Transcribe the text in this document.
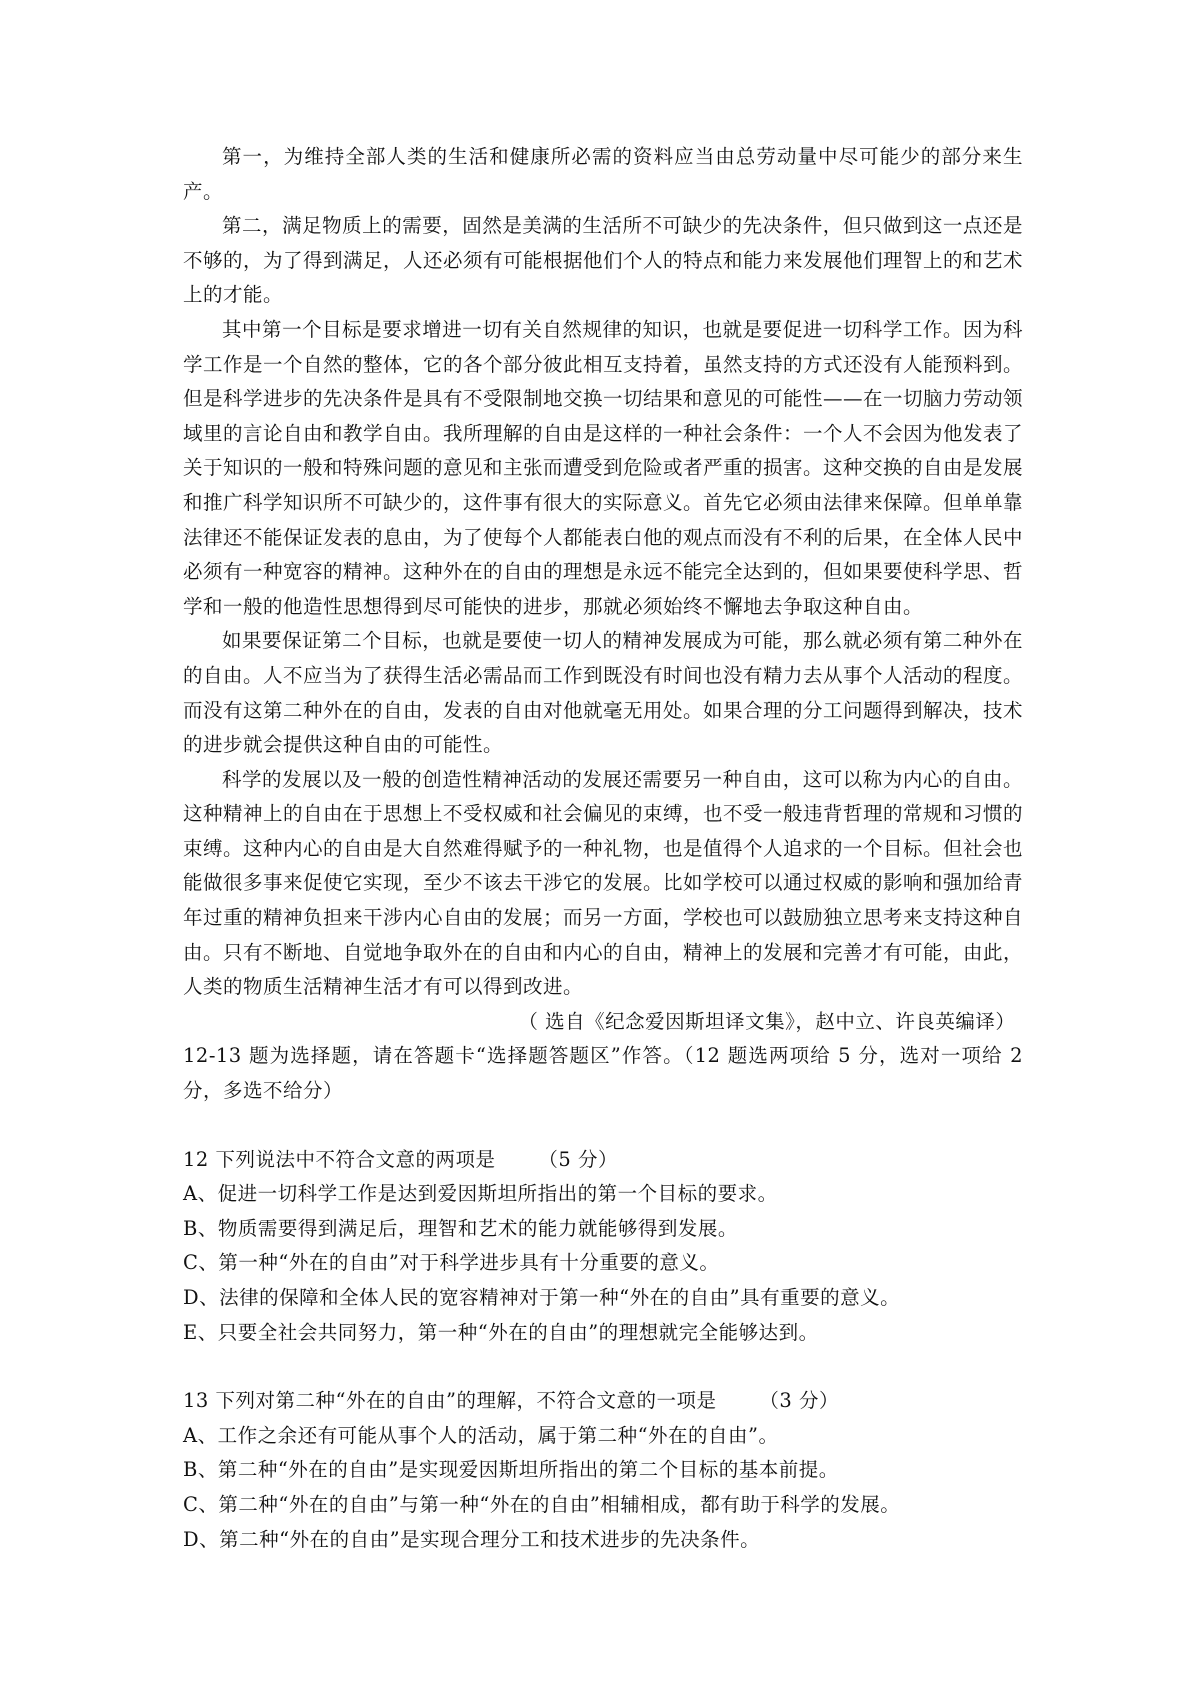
第一，为维持全部人类的生活和健康所必需的资料应当由总劳动量中尽可能少的部分来生产。

第二，满足物质上的需要，固然是美满的生活所不可缺少的先决条件，但只做到这一点还是不够的，为了得到满足，人还必须有可能根据他们个人的特点和能力来发展他们理智上的和艺术上的才能。

其中第一个目标是要求增进一切有关自然规律的知识，也就是要促进一切科学工作。因为科学工作是一个自然的整体，它的各个部分彼此相互支持着，虽然支持的方式还没有人能预料到。但是科学进步的先决条件是具有不受限制地交换一切结果和意见的可能性——在一切脑力劳动领域里的言论自由和教学自由。我所理解的自由是这样的一种社会条件：一个人不会因为他发表了关于知识的一般和特殊问题的意见和主张而遭受到危险或者严重的损害。这种交换的自由是发展和推广科学知识所不可缺少的，这件事有很大的实际意义。首先它必须由法律来保障。但单单靠法律还不能保证发表的息由，为了使每个人都能表白他的观点而没有不利的后果，在全体人民中必须有一种宽容的精神。这种外在的自由的理想是永远不能完全达到的，但如果要使科学思、哲学和一般的他造性思想得到尽可能快的进步，那就必须始终不懈地去争取这种自由。

如果要保证第二个目标，也就是要使一切人的精神发展成为可能，那么就必须有第二种外在的自由。人不应当为了获得生活必需品而工作到既没有时间也没有精力去从事个人活动的程度。而没有这第二种外在的自由，发表的自由对他就毫无用处。如果合理的分工问题得到解决，技术的进步就会提供这种自由的可能性。

科学的发展以及一般的创造性精神活动的发展还需要另一种自由，这可以称为内心的自由。这种精神上的自由在于思想上不受权威和社会偏见的束缚，也不受一般违背哲理的常规和习惯的束缚。这种内心的自由是大自然难得赋予的一种礼物，也是值得个人追求的一个目标。但社会也能做很多事来促使它实现，至少不该去干涉它的发展。比如学校可以通过权威的影响和强加给青年过重的精神负担来干涉内心自由的发展；而另一方面，学校也可以鼓励独立思考来支持这种自由。只有不断地、自觉地争取外在的自由和内心的自由，精神上的发展和完善才有可能，由此，人类的物质生活精神生活才有可以得到改进。

（ 选自《纪念爱因斯坦译文集》，赵中立、许良英编译）

12-13 题为选择题，请在答题卡“选择题答题区”作答。（12 题选两项给 5 分，选对一项给 2 分，多选不给分）

12 下列说法中不符合文意的两项是 （5 分）

A、促进一切科学工作是达到爱因斯坦所指出的第一个目标的要求。

B、物质需要得到满足后，理智和艺术的能力就能够得到发展。

C、第一种“外在的自由”对于科学进步具有十分重要的意义。

D、法律的保障和全体人民的宽容精神对于第一种“外在的自由”具有重要的意义。

E、只要全社会共同努力，第一种“外在的自由”的理想就完全能够达到。

13 下列对第二种“外在的自由”的理解，不符合文意的一项是 （3 分）

A、工作之余还有可能从事个人的活动，属于第二种“外在的自由”。

B、第二种“外在的自由”是实现爱因斯坦所指出的第二个目标的基本前提。

C、第二种“外在的自由”与第一种“外在的自由”相辅相成，都有助于科学的发展。

D、第二种“外在的自由”是实现合理分工和技术进步的先决条件。
